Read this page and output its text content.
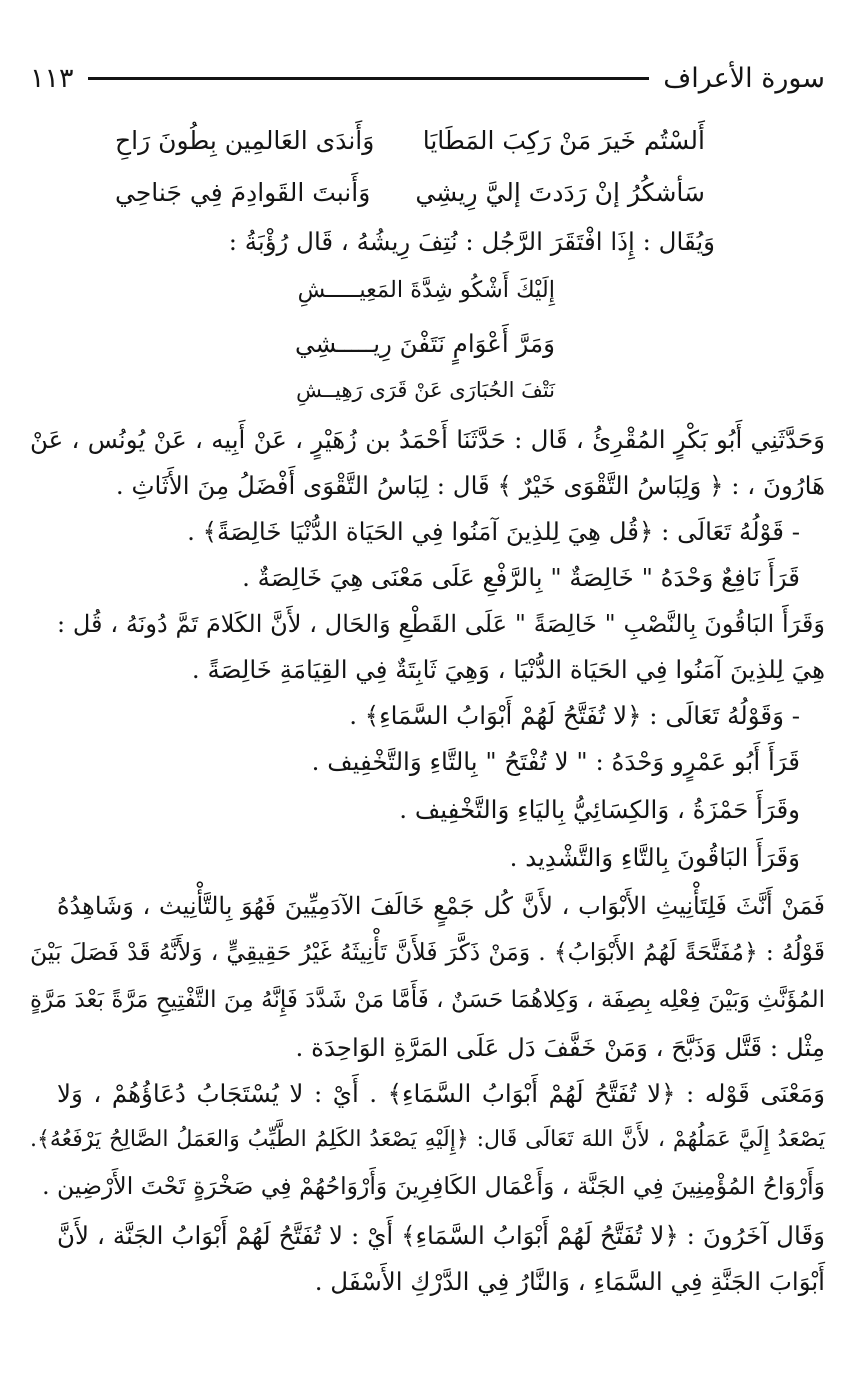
سورة الأعراف
١١٣
أَلسْتُم خَيرَ مَنْ رَكِبَ المَطَايَا
وَأَندَى العَالمِين بِطُونَ رَاحِ
سَأشكُرُ إنْ رَدَدتَ إليَّ رِيشِي
وَأَنبتَ القَوادِمَ فِي جَناحِي
وَيُقَال : إِذَا افْتَقَرَ الرَّجُل : نُتِفَ رِيشُهُ ، قَال رُؤْبَةُ :
إِلَيْكَ أَشْكُو شِدَّةَ المَعِيـــــشِ
وَمَرَّ أَعْوَامٍ نَتَفْنَ رِيـــــشِي
نَتْفَ الحُبَارَى عَنْ قَرَى رَهِيــشِ
وَحَدَّثَنِي أَبُو بَكْرٍ المُقْرِئُ ، قَال : حَدَّثَنَا أَحْمَدُ بن زُهَيْرٍ ، عَنْ أَبِيه ، عَنْ يُونُس ، عَنْ
هَارُونَ ، : ﴿ وَلِبَاسُ التَّقْوَى خَيْرٌ ﴾ قَال : لِبَاسُ التَّقْوَى أَفْضَلُ مِنَ الأَثَاثِ .
- قَوْلُهُ تَعَالَى : ﴿قُل هِيَ لِلذِينَ آمَنُوا فِي الحَيَاة الدُّنْيَا خَالِصَةً﴾ .
قَرَأَ نَافِعٌ وَحْدَهُ " خَالِصَةٌ " بِالرَّفْعِ عَلَى مَعْنَى هِيَ خَالِصَةٌ .
وَقَرَأَ البَاقُونَ بِالنَّصْبِ " خَالِصَةً " عَلَى القَطْعِ وَالحَال ، لأَنَّ الكَلامَ تَمَّ دُونَهُ ، قُل :
هِيَ لِلذِينَ آمَنُوا فِي الحَيَاة الدُّنْيَا ، وَهِيَ ثَابِتَةٌ فِي القِيَامَةِ خَالِصَةً .
- وَقَوْلُهُ تَعَالَى : ﴿لا تُفَتَّحُ لَهُمْ أَبْوَابُ السَّمَاءِ﴾ .
قَرَأَ أَبُو عَمْرٍو وَحْدَهُ : " لا تُفْتَحُ " بِالتَّاءِ وَالتَّخْفِيف .
وقَرَأَ حَمْزَةُ ، وَالكِسَائِيُّ بِاليَاءِ وَالتَّخْفِيف .
وَقَرَأَ البَاقُونَ بِالتَّاءِ وَالتَّشْدِيد .
فَمَنْ أَنَّثَ فَلِتَأْنِيثِ الأَبْوَاب ، لأَنَّ كُل جَمْعٍ خَالَفَ الآدَمِيِّينَ فَهُوَ بِالتَّأْنِيث ، وَشَاهِدُهُ
قَوْلُهُ : ﴿مُفَتَّحَةً لَهُمُ الأَبْوَابُ﴾ . وَمَنْ ذَكَّرَ فَلأَنَّ تَأْنِيثَهُ غَيْرُ حَقِيقِيٍّ ، وَلأَنَّهُ قَدْ فَصَلَ بَيْنَ
المُؤَنَّثِ وَبَيْنَ فِعْلِه بِصِفَة ، وَكِلاهُمَا حَسَنٌ ، فَأَمَّا مَنْ شَدَّدَ فَإِنَّهُ مِنَ التَّفْتِيحِ مَرَّةً بَعْدَ مَرَّةٍ
مِثْل : قَتَّل وَذَبَّحَ ، وَمَنْ خَفَّفَ دَل عَلَى المَرَّةِ الوَاحِدَة .
وَمَعْنَى قَوْله : ﴿لا تُفَتَّحُ لَهُمْ أَبْوَابُ السَّمَاءِ﴾ . أَيْ : لا يُسْتَجَابُ دُعَاؤُهُمْ ، وَلا
يَصْعَدُ إِلَيَّ عَمَلُهُمْ ، لأَنَّ اللهَ تَعَالَى قَال: ﴿إِلَيْهِ يَصْعَدُ الكَلِمُ الطَّيِّبُ وَالعَمَلُ الصَّالِحُ يَرْفَعُهُ﴾.
وَأَرْوَاحُ المُؤْمِنِينَ فِي الجَنَّة ، وَأَعْمَال الكَافِرِينَ وَأَرْوَاحُهُمْ فِي صَخْرَةٍ تَحْتَ الأَرْضِين .
وَقَال آخَرُونَ : ﴿لا تُفَتَّحُ لَهُمْ أَبْوَابُ السَّمَاءِ﴾ أَيْ : لا تُفَتَّحُ لَهُمْ أَبْوَابُ الجَنَّة ، لأَنَّ
أَبْوَابَ الجَنَّةِ فِي السَّمَاءِ ، وَالنَّارُ فِي الدَّرْكِ الأَسْفَل .
